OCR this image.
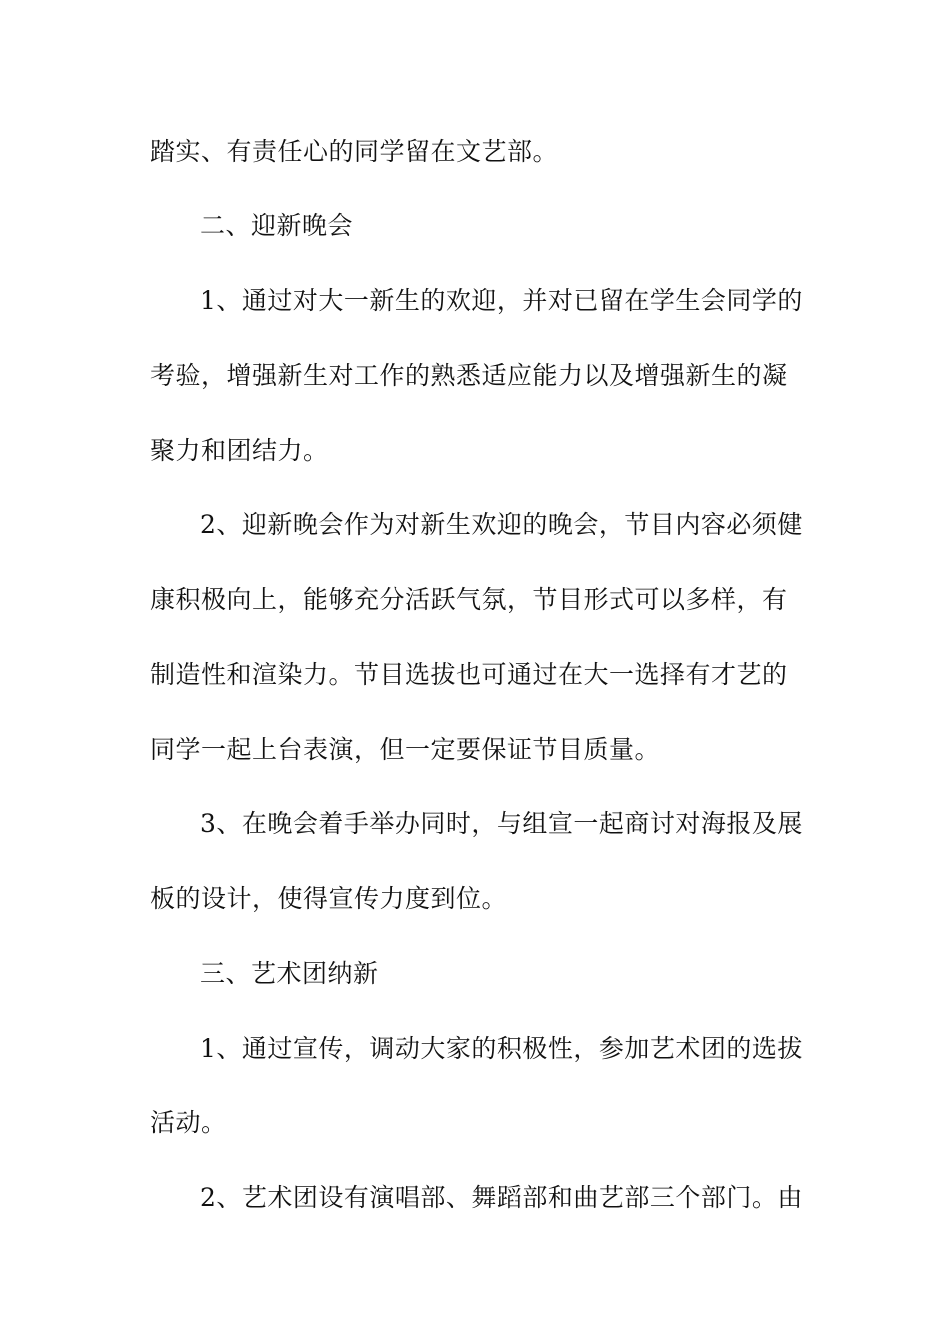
踏实、有责任心的同学留在文艺部。
二、迎新晚会
1、通过对大一新生的欢迎，并对已留在学生会同学的
考验，增强新生对工作的熟悉适应能力以及增强新生的凝
聚力和团结力。
2、迎新晚会作为对新生欢迎的晚会，节目内容必须健
康积极向上，能够充分活跃气氛，节目形式可以多样，有
制造性和渲染力。节目选拔也可通过在大一选择有才艺的
同学一起上台表演，但一定要保证节目质量。
3、在晚会着手举办同时，与组宣一起商讨对海报及展
板的设计，使得宣传力度到位。
三、艺术团纳新
1、通过宣传，调动大家的积极性，参加艺术团的选拔
活动。
2、艺术团设有演唱部、舞蹈部和曲艺部三个部门。由
